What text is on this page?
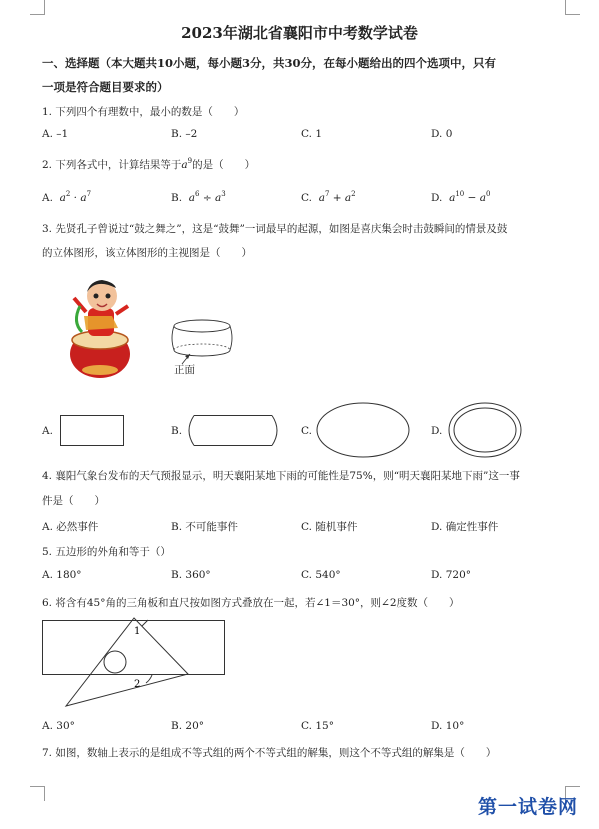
2023年湖北省襄阳市中考数学试卷
一、选择题（本大题共10小题，每小题3分，共30分，在每小题给出的四个选项中，只有
一项是符合题目要求的）
1. 下列四个有理数中，最小的数是（　　）
A. –1	B. –2	C. 1	D. 0
2. 下列各式中，计算结果等于$a^9$的是（　　）
A. $a^2 \cdot a^7$	B. $a^6 \div a^3$	C. $a^7 + a^2$	D. $a^{10} - a^0$
3. 先贤孔子曾说过“鼓之舞之”，这是“鼓舞”一词最早的起源，如图是喜庆集会时击鼓瞬间的情景及鼓
的立体图形，该立体图形的主视图是（　　）
正面
A.	B.	C.	D.
4. 襄阳气象台发布的天气预报显示，明天襄阳某地下雨的可能性是75%，则“明天襄阳某地下雨”这一事
件是（　　）
A. 必然事件	B. 不可能事件	C. 随机事件	D. 确定性事件
5. 五边形的外角和等于（）
A. 180°	B. 360°	C. 540°	D. 720°
6. 将含有45°角的三角板和直尺按如图方式叠放在一起，若∠1＝30°，则∠2度数（　　）
1
2
A. 30°	B. 20°	C. 15°	D. 10°
7. 如图，数轴上表示的是组成不等式组的两个不等式组的解集，则这个不等式组的解集是（　　）
第一试卷网
